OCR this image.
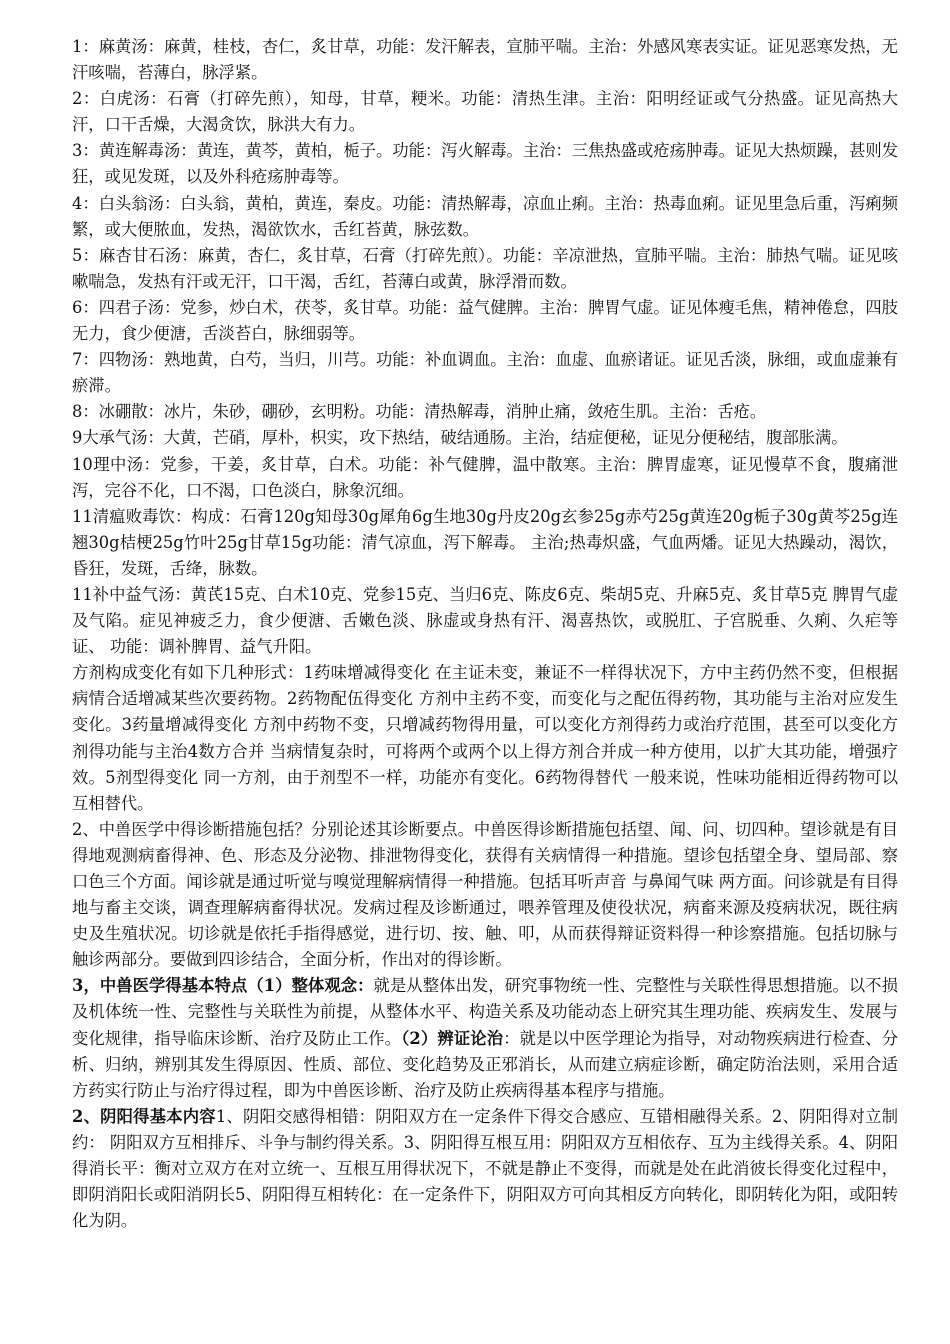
1：麻黄汤：麻黄，桂枝，杏仁，炙甘草，功能：发汗解表，宣肺平喘。主治：外感风寒表实证。证见恶寒发热，无汗咳喘，苔薄白，脉浮紧。

2：白虎汤：石膏（打碎先煎），知母，甘草，粳米。功能：清热生津。主治：阳明经证或气分热盛。证见高热大汗，口干舌燥，大渴贪饮，脉洪大有力。

3：黄连解毒汤：黄连，黄芩，黄柏，栀子。功能：泻火解毒。主治：三焦热盛或疮疡肿毒。证见大热烦躁，甚则发狂，或见发斑，以及外科疮疡肿毒等。

4：白头翁汤：白头翁，黄柏，黄连，秦皮。功能：清热解毒，凉血止痢。主治：热毒血痢。证见里急后重，泻痢频繁，或大便脓血，发热，渴欲饮水，舌红苔黄，脉弦数。

5：麻杏甘石汤：麻黄，杏仁，炙甘草，石膏（打碎先煎）。功能：辛凉泄热，宣肺平喘。主治：肺热气喘。证见咳嗽喘急，发热有汗或无汗，口干渴，舌红，苔薄白或黄，脉浮滑而数。

6：四君子汤：党参，炒白术，茯苓，炙甘草。功能：益气健脾。主治：脾胃气虚。证见体瘦毛焦，精神倦怠，四肢无力，食少便溏，舌淡苔白，脉细弱等。

7：四物汤：熟地黄，白芍，当归，川芎。功能：补血调血。主治：血虚、血瘀诸证。证见舌淡，脉细，或血虚兼有瘀滞。

8：冰硼散：冰片，朱砂，硼砂，玄明粉。功能：清热解毒，消肿止痛，敛疮生肌。主治：舌疮。

9大承气汤：大黄，芒硝，厚朴，枳实，攻下热结，破结通肠。主治，结症便秘，证见分便秘结，腹部胀满。

10理中汤：党参，干姜，炙甘草，白术。功能：补气健脾，温中散寒。主治：脾胃虚寒，证见慢草不食，腹痛泄泻，完谷不化，口不渴，口色淡白，脉象沉细。

11清瘟败毒饮：构成：石膏120g知母30g犀角6g生地30g丹皮20g玄参25g赤芍25g黄连20g栀子30g黄芩25g连翘30g桔梗25g竹叶25g甘草15g功能：清气凉血，泻下解毒。 主治;热毒炽盛，气血两燔。证见大热躁动，渴饮，昏狂，发斑，舌绛，脉数。

11补中益气汤：黄芪15克、白术10克、党参15克、当归6克、陈皮6克、柴胡5克、升麻5克、炙甘草5克 脾胃气虚及气陷。症见神疲乏力，食少便溏、舌嫩色淡、脉虚或身热有汗、渴喜热饮，或脱肛、子宫脱垂、久痢、久疟等证、 功能：调补脾胃、益气升阳。

方剂构成变化有如下几种形式：1药味增减得变化 在主证未变，兼证不一样得状况下，方中主药仍然不变，但根据病情合适增减某些次要药物。2药物配伍得变化 方剂中主药不变，而变化与之配伍得药物，其功能与主治对应发生变化。3药量增减得变化 方剂中药物不变，只增减药物得用量，可以变化方剂得药力或治疗范围，甚至可以变化方剂得功能与主治4数方合并 当病情复杂时，可将两个或两个以上得方剂合并成一种方使用，以扩大其功能，增强疗效。5剂型得变化 同一方剂，由于剂型不一样，功能亦有变化。6药物得替代 一般来说，性味功能相近得药物可以互相替代。

2、中兽医学中得诊断措施包括？分别论述其诊断要点。中兽医得诊断措施包括望、闻、问、切四种。望诊就是有目得地观测病畜得神、色、形态及分泌物、排泄物得变化，获得有关病情得一种措施。望诊包括望全身、望局部、察口色三个方面。闻诊就是通过听觉与嗅觉理解病情得一种措施。包括耳听声音 与鼻闻气味 两方面。问诊就是有目得地与畜主交谈，调查理解病畜得状况。发病过程及诊断通过，喂养管理及使役状况，病畜来源及疫病状况，既往病史及生殖状况。切诊就是依托手指得感觉，进行切、按、触、叩，从而获得辩证资料得一种诊察措施。包括切脉与触诊两部分。要做到四诊结合，全面分析，作出对的得诊断。

3，中兽医学得基本特点（1）整体观念：就是从整体出发，研究事物统一性、完整性与关联性得思想措施。以不损及机体统一性、完整性与关联性为前提，从整体水平、构造关系及功能动态上研究其生理功能、疾病发生、发展与变化规律，指导临床诊断、治疗及防止工作。（2）辨证论治：就是以中医学理论为指导，对动物疾病进行检查、分析、归纳，辨别其发生得原因、性质、部位、变化趋势及正邪消长，从而建立病症诊断，确定防治法则，采用合适方药实行防止与治疗得过程，即为中兽医诊断、治疗及防止疾病得基本程序与措施。

2、阴阳得基本内容1、阴阳交感得相错：阴阳双方在一定条件下得交合感应、互错相融得关系。2、阴阳得对立制约： 阴阳双方互相排斥、斗争与制约得关系。3、阴阳得互根互用：阴阳双方互相依存、互为主线得关系。4、阴阳得消长平：衡对立双方在对立统一、互根互用得状况下，不就是静止不变得，而就是处在此消彼长得变化过程中，即阴消阳长或阳消阴长5、阴阳得互相转化：在一定条件下，阴阳双方可向其相反方向转化，即阴转化为阳，或阳转化为阴。
